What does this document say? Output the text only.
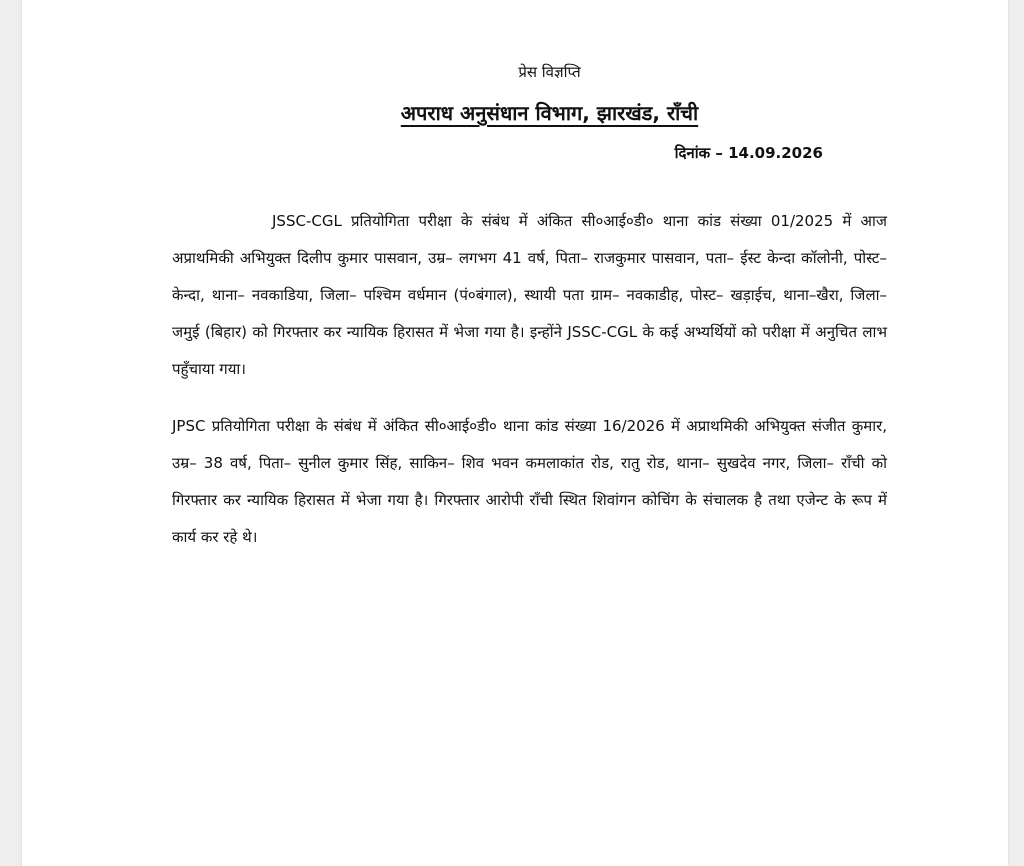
प्रेस विज्ञप्ति
अपराध अनुसंधान विभाग, झारखंड, राँची
दिनांक – 14.09.2026

JSSC-CGL प्रतियोगिता परीक्षा के संबंध में अंकित सी०आई०डी० थाना कांड संख्या 01/2025 में आज अप्राथमिकी अभियुक्त दिलीप कुमार पासवान, उम्र– लगभग 41 वर्ष, पिता– राजकुमार पासवान, पता– ईस्ट केन्दा कॉलोनी, पोस्ट– केन्दा, थाना– नवकाडिया, जिला– पश्चिम वर्धमान (पं०बंगाल), स्थायी पता ग्राम– नवकाडीह, पोस्ट– खड़ाईच, थाना–खैरा, जिला– जमुई (बिहार) को गिरफ्तार कर न्यायिक हिरासत में भेजा गया है। इन्होंने JSSC-CGL के कई अभ्यर्थियों को परीक्षा में अनुचित लाभ पहुँचाया गया।

JPSC प्रतियोगिता परीक्षा के संबंध में अंकित सी०आई०डी० थाना कांड संख्या 16/2026 में अप्राथमिकी अभियुक्त संजीत कुमार, उम्र– 38 वर्ष, पिता– सुनील कुमार सिंह, साकिन– शिव भवन कमलाकांत रोड, रातु रोड, थाना– सुखदेव नगर, जिला– राँची को गिरफ्तार कर न्यायिक हिरासत में भेजा गया है। गिरफ्तार आरोपी राँची स्थित शिवांगन कोचिंग के संचालक है तथा एजेन्ट के रूप में कार्य कर रहे थे।
